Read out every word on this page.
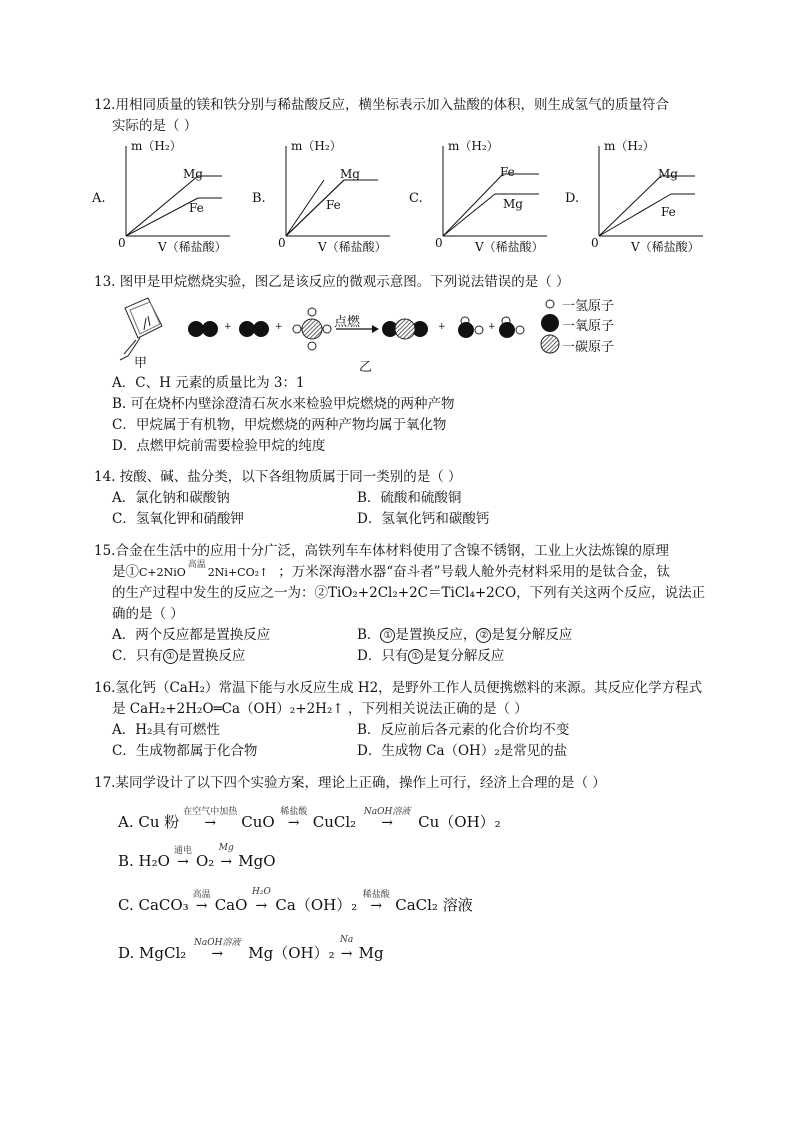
12.用相同质量的镁和铁分别与稀盐酸反应，横坐标表示加入盐酸的体积，则生成氢气的质量符合
实际的是（ ）
A.
m（H₂）
V（稀盐酸）
0
Mg
Fe
B.
m（H₂）
V（稀盐酸）
0
Mg
Fe	C.
m（H₂）
V（稀盐酸）
0
Fe
Mg	D.
m（H₂）
V（稀盐酸）
0
Mg
Fe
13. 图甲是甲烷燃烧实验，图乙是该反应的微观示意图。下列说法错误的是（ ）
+	+	+	+
点燃
甲	乙
一氢原子
一氧原子
一碳原子
A．C、H 元素的质量比为 3：1
B. 可在烧杯内壁涂澄清石灰水来检验甲烷燃烧的两种产物
C．甲烷属于有机物，甲烷燃烧的两种产物均属于氧化物
D．点燃甲烷前需要检验甲烷的纯度
14. 按酸、碱、盐分类，以下各组物质属于同一类别的是（ ）
A．氯化钠和碳酸钠	B．硫酸和硫酸铜
C．氢氧化钾和硝酸钾	D．氢氧化钙和碳酸钙
15.合金在生活中的应用十分广泛，高铁列车车体材料使用了含镍不锈钢，工业上火法炼镍的原理
是①C+2NiO
高温
2Ni+CO₂↑ ；万米深海潜水器“奋斗者”号载人舱外壳材料采用的是钛合金，钛
的生产过程中发生的反应之一为：②TiO₂+2Cl₂+2C＝TiCl₄+2CO，下列有关这两个反应，说法正
确的是（ ）
A．两个反应都是置换反应	B． ① 是置换反应， ② 是复分解反应
C．只有 ① 是置换反应	D．只有 ① 是复分解反应
16.氢化钙（CaH₂）常温下能与水反应生成 H2，是野外工作人员便携燃料的来源。其反应化学方程式
是 CaH₂+2H₂O═Ca（OH）₂+2H₂↑ ，下列相关说法正确的是（ ）
A．H₂具有可燃性	B．反应前后各元素的化合价均不变
C．生成物都属于化合物	D．生成物 Ca（OH）₂是常见的盐
17.某同学设计了以下四个实验方案，理论上正确，操作上可行，经济上合理的是（ ）
A. Cu 粉
在空气中加热
→ CuO
稀盐酸
→ CuCl₂
NaOH溶液
→ Cu（OH）₂
B. H₂O
通电
→ O₂
Mg
→ MgO
C. CaCO₃
高温
→ CaO
H₂O
→ Ca（OH）₂
稀盐酸
→ CaCl₂ 溶液
D. MgCl₂
NaOH溶液
→ Mg（OH）₂
Na
→ Mg
